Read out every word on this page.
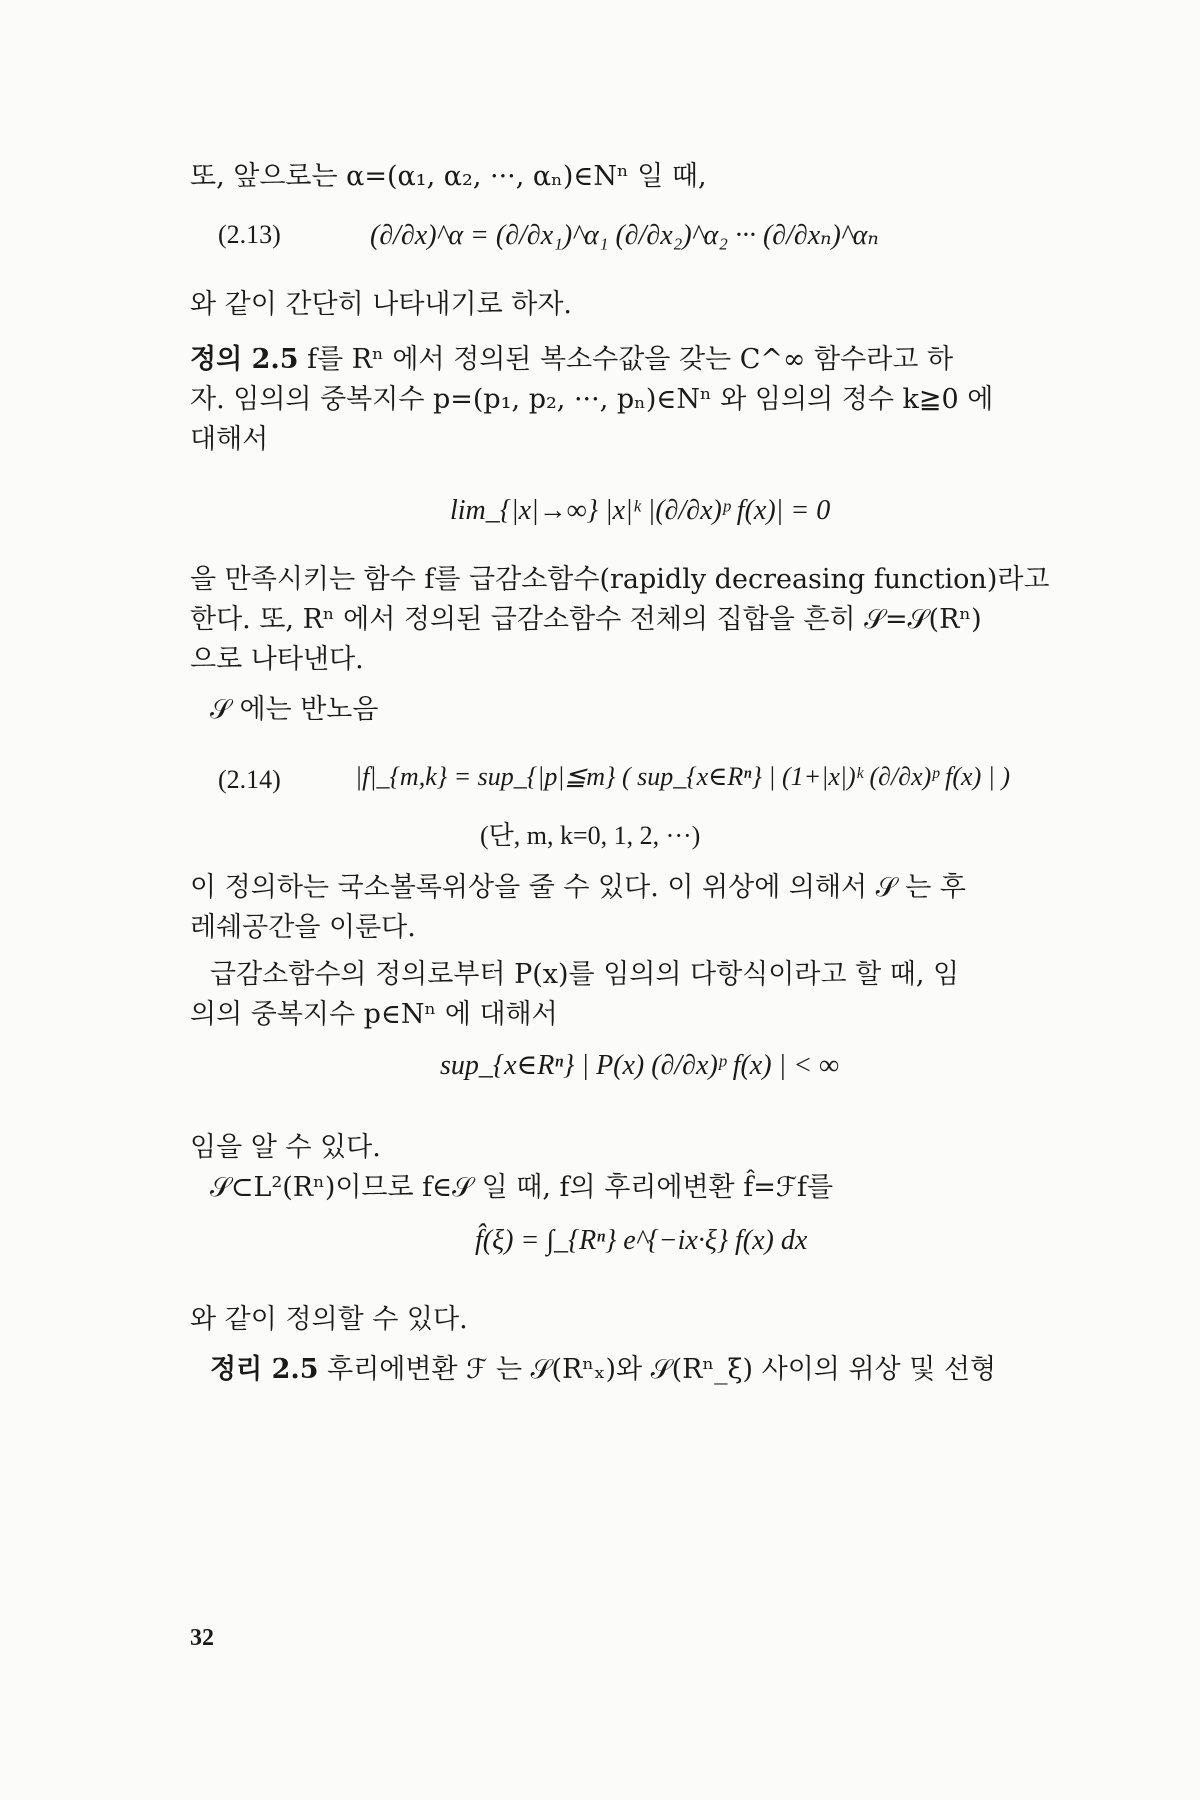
또, 앞으로는 α=(α₁, α₂, ···, αₙ)∈Nⁿ 일 때,
(2.13)	(∂/∂x)^α = (∂/∂x₁)^α₁ (∂/∂x₂)^α₂ ··· (∂/∂xₙ)^αₙ
와 같이 간단히 나타내기로 하자.
정의 2.5 f를 Rⁿ 에서 정의된 복소수값을 갖는 C^∞ 함수라고 하
자. 임의의 중복지수 p=(p₁, p₂, ···, pₙ)∈Nⁿ 와 임의의 정수 k≧0 에
대해서
lim_{|x|→∞} |x|ᵏ |(∂/∂x)ᵖ f(x)| = 0
을 만족시키는 함수 f를 급감소함수(rapidly decreasing function)라고
한다. 또, Rⁿ 에서 정의된 급감소함수 전체의 집합을 흔히 𝒮=𝒮(Rⁿ)
으로 나타낸다.
𝒮 에는 반노음
(2.14)	|f|_{m,k} = sup_{|p|≦m} ( sup_{x∈Rⁿ} | (1+|x|)ᵏ (∂/∂x)ᵖ f(x) | )
(단, m, k=0, 1, 2, ···)
이 정의하는 국소볼록위상을 줄 수 있다. 이 위상에 의해서 𝒮 는 후
레쉐공간을 이룬다.
급감소함수의 정의로부터 P(x)를 임의의 다항식이라고 할 때, 임
의의 중복지수 p∈Nⁿ 에 대해서
sup_{x∈Rⁿ} | P(x) (∂/∂x)ᵖ f(x) | < ∞
임을 알 수 있다.
𝒮⊂L²(Rⁿ)이므로 f∈𝒮 일 때, f의 후리에변환 f̂=ℱf를
f̂(ξ) = ∫_{Rⁿ} e^{−ix·ξ} f(x) dx
와 같이 정의할 수 있다.
정리 2.5 후리에변환 ℱ 는 𝒮(Rⁿₓ)와 𝒮(Rⁿ_ξ) 사이의 위상 및 선형
32
